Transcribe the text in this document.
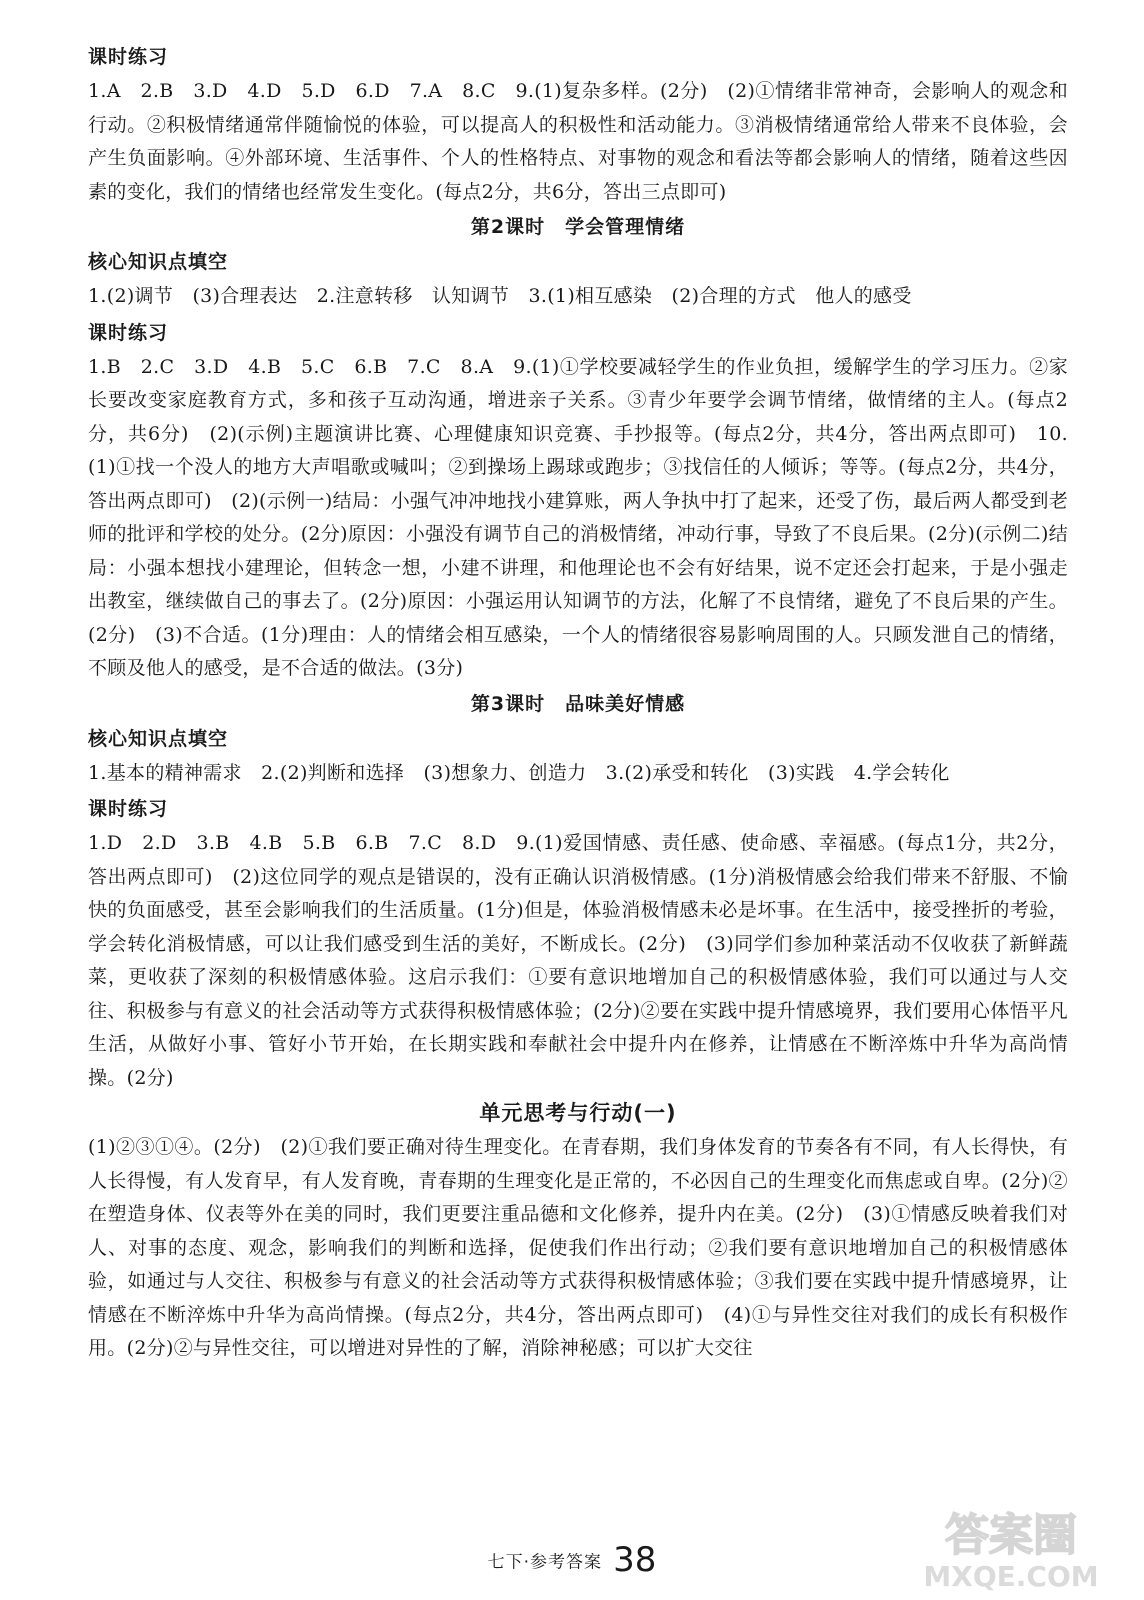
课时练习

1.A　2.B　3.D　4.D　5.D　6.D　7.A　8.C　9.(1)复杂多样。(2分)　(2)①情绪非常神奇，会影响人的观念和行动。②积极情绪通常伴随愉悦的体验，可以提高人的积极性和活动能力。③消极情绪通常给人带来不良体验，会产生负面影响。④外部环境、生活事件、个人的性格特点、对事物的观念和看法等都会影响人的情绪，随着这些因素的变化，我们的情绪也经常发生变化。(每点2分，共6分，答出三点即可)

第2课时　学会管理情绪
核心知识点填空

1.(2)调节　(3)合理表达　2.注意转移　认知调节　3.(1)相互感染　(2)合理的方式　他人的感受

课时练习

1.B　2.C　3.D　4.B　5.C　6.B　7.C　8.A　9.(1)①学校要减轻学生的作业负担，缓解学生的学习压力。②家长要改变家庭教育方式，多和孩子互动沟通，增进亲子关系。③青少年要学会调节情绪，做情绪的主人。(每点2分，共6分)　(2)(示例)主题演讲比赛、心理健康知识竞赛、手抄报等。(每点2分，共4分，答出两点即可)　10.(1)①找一个没人的地方大声唱歌或喊叫；②到操场上踢球或跑步；③找信任的人倾诉；等等。(每点2分，共4分，答出两点即可)　(2)(示例一)结局：小强气冲冲地找小建算账，两人争执中打了起来，还受了伤，最后两人都受到老师的批评和学校的处分。(2分)原因：小强没有调节自己的消极情绪，冲动行事，导致了不良后果。(2分)(示例二)结局：小强本想找小建理论，但转念一想，小建不讲理，和他理论也不会有好结果，说不定还会打起来，于是小强走出教室，继续做自己的事去了。(2分)原因：小强运用认知调节的方法，化解了不良情绪，避免了不良后果的产生。(2分)　(3)不合适。(1分)理由：人的情绪会相互感染，一个人的情绪很容易影响周围的人。只顾发泄自己的情绪，不顾及他人的感受，是不合适的做法。(3分)

第3课时　品味美好情感
核心知识点填空

1.基本的精神需求　2.(2)判断和选择　(3)想象力、创造力　3.(2)承受和转化　(3)实践　4.学会转化

课时练习

1.D　2.D　3.B　4.B　5.B　6.B　7.C　8.D　9.(1)爱国情感、责任感、使命感、幸福感。(每点1分，共2分，答出两点即可)　(2)这位同学的观点是错误的，没有正确认识消极情感。(1分)消极情感会给我们带来不舒服、不愉快的负面感受，甚至会影响我们的生活质量。(1分)但是，体验消极情感未必是坏事。在生活中，接受挫折的考验，学会转化消极情感，可以让我们感受到生活的美好，不断成长。(2分)　(3)同学们参加种菜活动不仅收获了新鲜蔬菜，更收获了深刻的积极情感体验。这启示我们：①要有意识地增加自己的积极情感体验，我们可以通过与人交往、积极参与有意义的社会活动等方式获得积极情感体验；(2分)②要在实践中提升情感境界，我们要用心体悟平凡生活，从做好小事、管好小节开始，在长期实践和奉献社会中提升内在修养，让情感在不断淬炼中升华为高尚情操。(2分)

单元思考与行动(一)

(1)②③①④。(2分)　(2)①我们要正确对待生理变化。在青春期，我们身体发育的节奏各有不同，有人长得快，有人长得慢，有人发育早，有人发育晚，青春期的生理变化是正常的，不必因自己的生理变化而焦虑或自卑。(2分)②在塑造身体、仪表等外在美的同时，我们更要注重品德和文化修养，提升内在美。(2分)　(3)①情感反映着我们对人、对事的态度、观念，影响我们的判断和选择，促使我们作出行动；②我们要有意识地增加自己的积极情感体验，如通过与人交往、积极参与有意义的社会活动等方式获得积极情感体验；③我们要在实践中提升情感境界，让情感在不断淬炼中升华为高尚情操。(每点2分，共4分，答出两点即可)　(4)①与异性交往对我们的成长有积极作用。(2分)②与异性交往，可以增进对异性的了解，消除神秘感；可以扩大交往

七下·参考答案 38	答案圈
MXQE.COM
